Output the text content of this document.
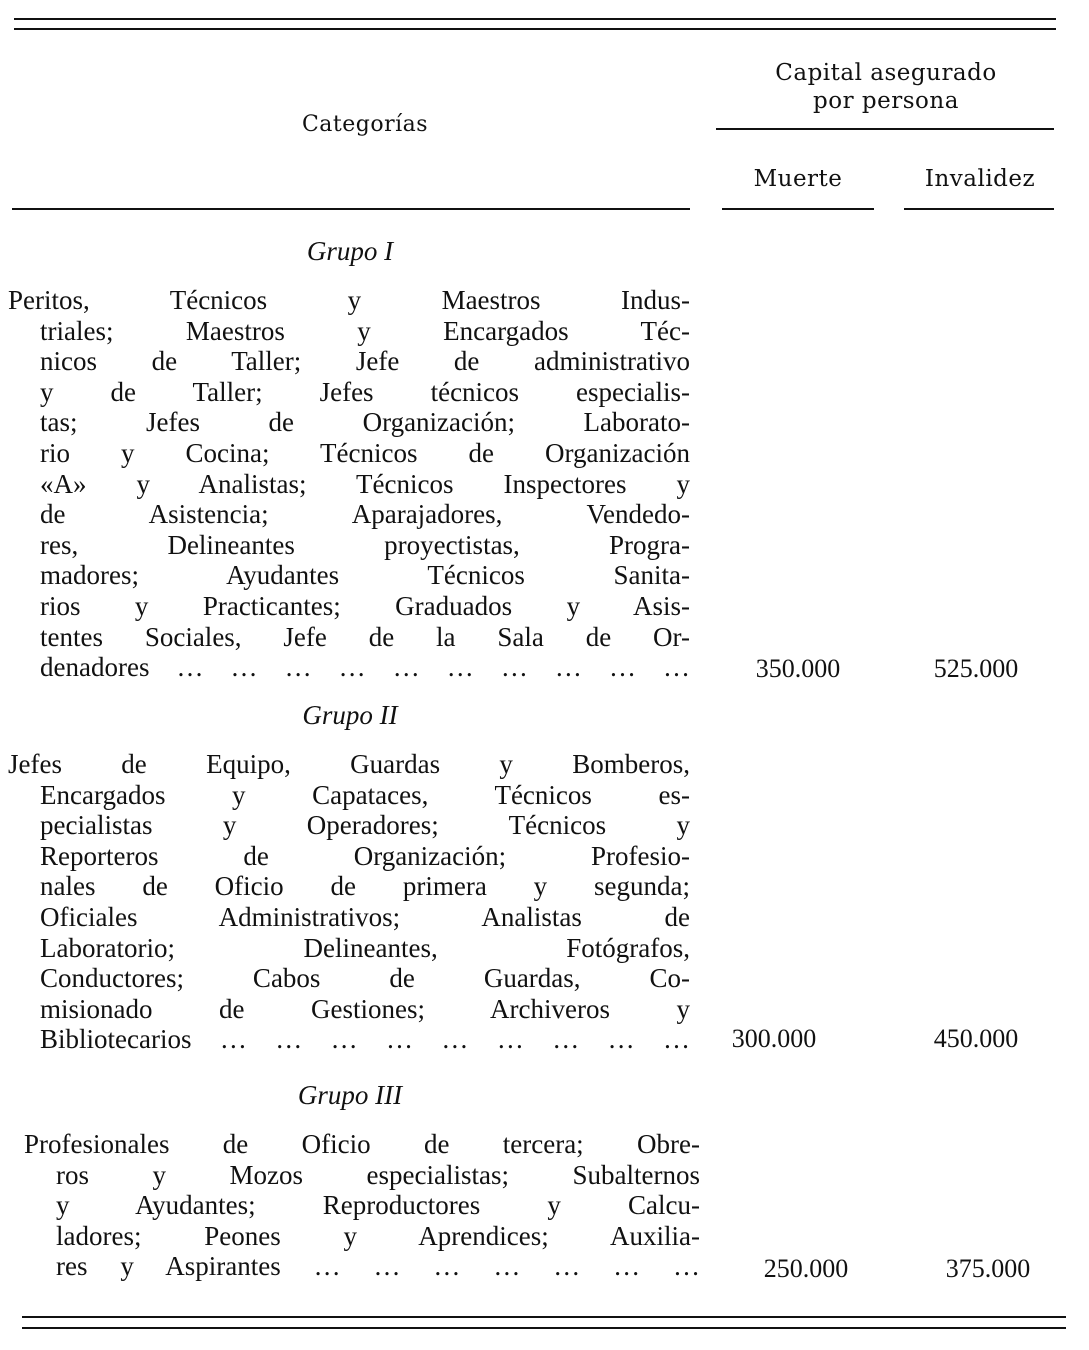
Categorías
Capital asegurado
por persona
Muerte	Invalidez
Grupo I
Peritos, Técnicos y Maestros Indus-
triales; Maestros y Encargados Téc-
nicos de Taller; Jefe de administrativo
y de Taller; Jefes técnicos especialis-
tas; Jefes de Organización; Laborato-
rio y Cocina; Técnicos de Organización
«A» y Analistas; Técnicos Inspectores y
de Asistencia; Aparajadores, Vendedo-
res, Delineantes proyectistas, Progra-
madores; Ayudantes Técnicos Sanita-
rios y Practicantes; Graduados y Asis-
tentes Sociales, Jefe de la Sala de Or-
denadores … … … … … … … … … …	350.000	525.000
Grupo II
Jefes de Equipo, Guardas y Bomberos,
Encargados y Capataces, Técnicos es-
pecialistas y Operadores; Técnicos y
Reporteros de Organización; Profesio-
nales de Oficio de primera y segunda;
Oficiales Administrativos; Analistas de
Laboratorio; Delineantes, Fotógrafos,
Conductores; Cabos de Guardas, Co-
misionado de Gestiones; Archiveros y
Bibliotecarios … … … … … … … … …	300.000	450.000
Grupo III
Profesionales de Oficio de tercera; Obre-
ros y Mozos especialistas; Subalternos
y Ayudantes; Reproductores y Calcu-
ladores; Peones y Aprendices; Auxilia-
res y Aspirantes … … … … … … …	250.000	375.000
